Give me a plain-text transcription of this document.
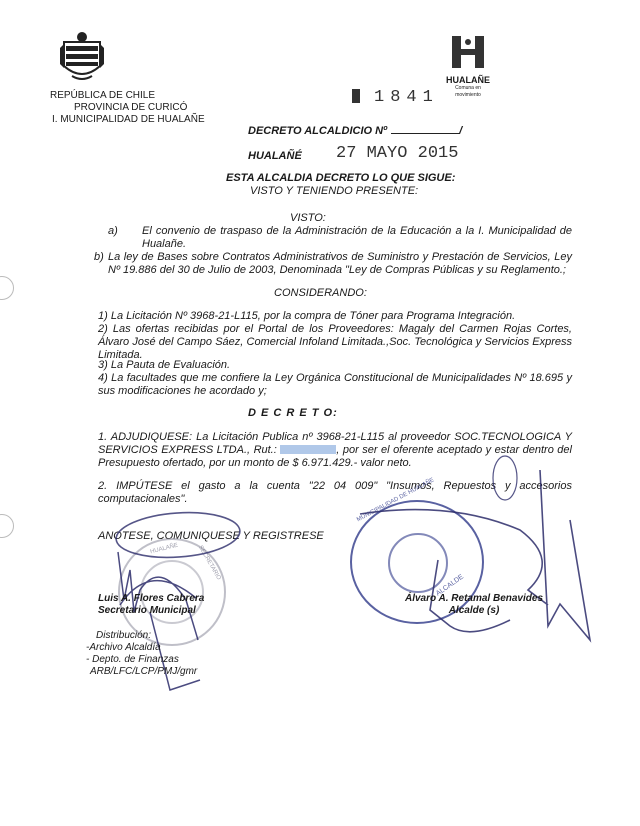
REPÚBLICA DE CHILE
PROVINCIA DE CURICÓ
I. MUNICIPALIDAD DE HUALAÑE
HUALAÑE
Comuna en movimiento
1841
DECRETO ALCALDICIO Nº	/
HUALAÑÉ 27 MAYO 2015
ESTA ALCALDIA DECRETO LO QUE SIGUE:
VISTO Y TENIENDO PRESENTE:
VISTO:
a)	El convenio de traspaso de la Administración de la Educación a la I. Municipalidad de Hualañe.
b) La ley de Bases sobre Contratos Administrativos de Suministro y Prestación de Servicios, Ley Nº 19.886 del 30 de Julio de 2003, Denominada "Ley de Compras Públicas y su Reglamento.;
CONSIDERANDO:
1) La Licitación Nº 3968-21-L115, por la compra de Tóner para Programa Integración.
2) Las ofertas recibidas por el Portal de los Proveedores: Magaly del Carmen Rojas Cortes, Álvaro José del Campo Sáez, Comercial Infoland Limitada.,Soc. Tecnológica y Servicios Express Limitada.
3) La Pauta de Evaluación.
4) La facultades que me confiere la Ley Orgánica Constitucional de Municipalidades Nº 18.695 y sus modificaciones he acordado y;
D E C R E T O:
1. ADJUDIQUESE: La Licitación Publica nº 3968-21-L115 al proveedor SOC.TECNOLOGICA Y SERVICIOS EXPRESS LTDA., Rut.:	, por ser el oferente aceptado y estar dentro del Presupuesto ofertado, por un monto de $ 6.971.429.- valor neto.
2. IMPÚTESE el gasto a la cuenta "22 04 009" "Insumos, Repuestos y accesorios computacionales".
ANOTESE, COMUNIQUESE Y REGISTRESE
MUNICIPALIDAD DE HUALAÑE
ALCALDE
HUALAÑE	SECRETARIO
Luis A. Flores Cabrera
Secretario Municipal
Álvaro A. Retamal Benavides
Alcalde (s)
Distribución:
-Archivo Alcaldía
- Depto. de Finanzas
ARB/LFC/LCP/PMJ/gmr
